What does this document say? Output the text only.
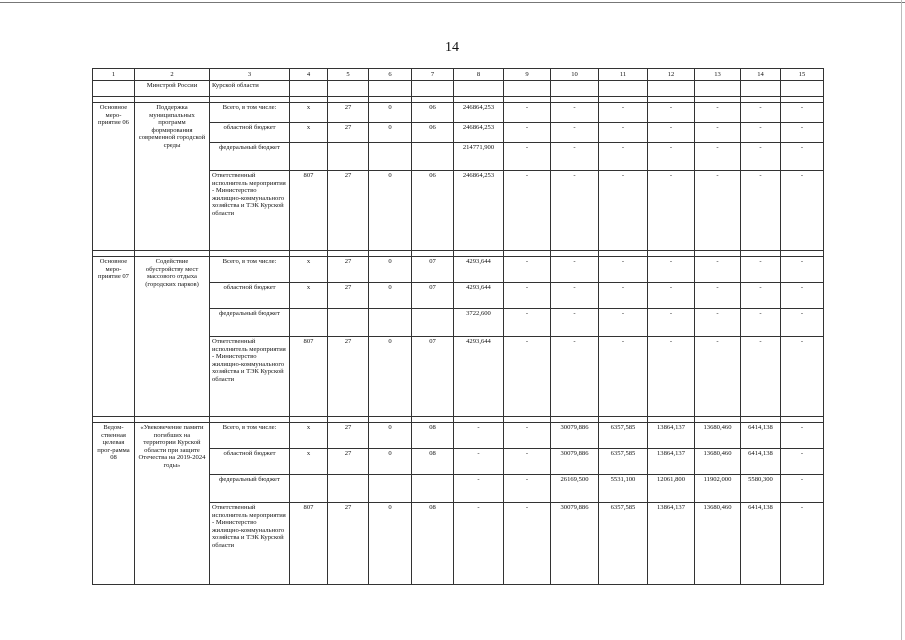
14
1	2	3	4	5	6	7	8	9	10	11	12	13	14	15
	Минстрой России	Курской области												

Основное меро-приятие 06	Поддержка муниципальных программ формирования современной городской среды	Всего, в том числе:	х	27	0	06	246864,253	-	-	-	-	-	-	-
		областной бюджет	х	27	0	06	246864,253	-	-	-	-	-	-	-
		федеральный бюджет					214771,900	-	-	-	-	-	-	-
		Ответственный исполнитель мероприятия - Министерство жилищно-коммунального хозяйства и ТЭК Курской области	807	27	0	06	246864,253	-	-	-	-	-	-	-

Основное меро-приятие 07	Содействие обустройству мест массового отдыха (городских парков)	Всего, в том числе:	х	27	0	07	4293,644	-	-	-	-	-	-	-
		областной бюджет	х	27	0	07	4293,644	-	-	-	-	-	-	-
		федеральный бюджет					3722,600	-	-	-	-	-	-	-
		Ответственный исполнитель мероприятия - Министерство жилищно-коммунального хозяйства и ТЭК Курской области	807	27	0	07	4293,644	-	-	-	-	-	-	-

Ведом-ственная целевая прог-рамма 08	«Увековечение памяти погибших на территории Курской области при защите Отечества на 2019-2024 годы»	Всего, в том числе:	х	27	0	08	-	-	30079,886	6357,585	13864,137	13680,460	6414,138	-
		областной бюджет	х	27	0	08	-	-	30079,886	6357,585	13864,137	13680,460	6414,138	-
		федеральный бюджет					-	-	26169,500	5531,100	12061,800	11902,000	5580,300	-
		Ответственный исполнитель мероприятия - Министерство жилищно-коммунального хозяйства и ТЭК Курской области	807	27	0	08	-	-	30079,886	6357,585	13864,137	13680,460	6414,138	-
